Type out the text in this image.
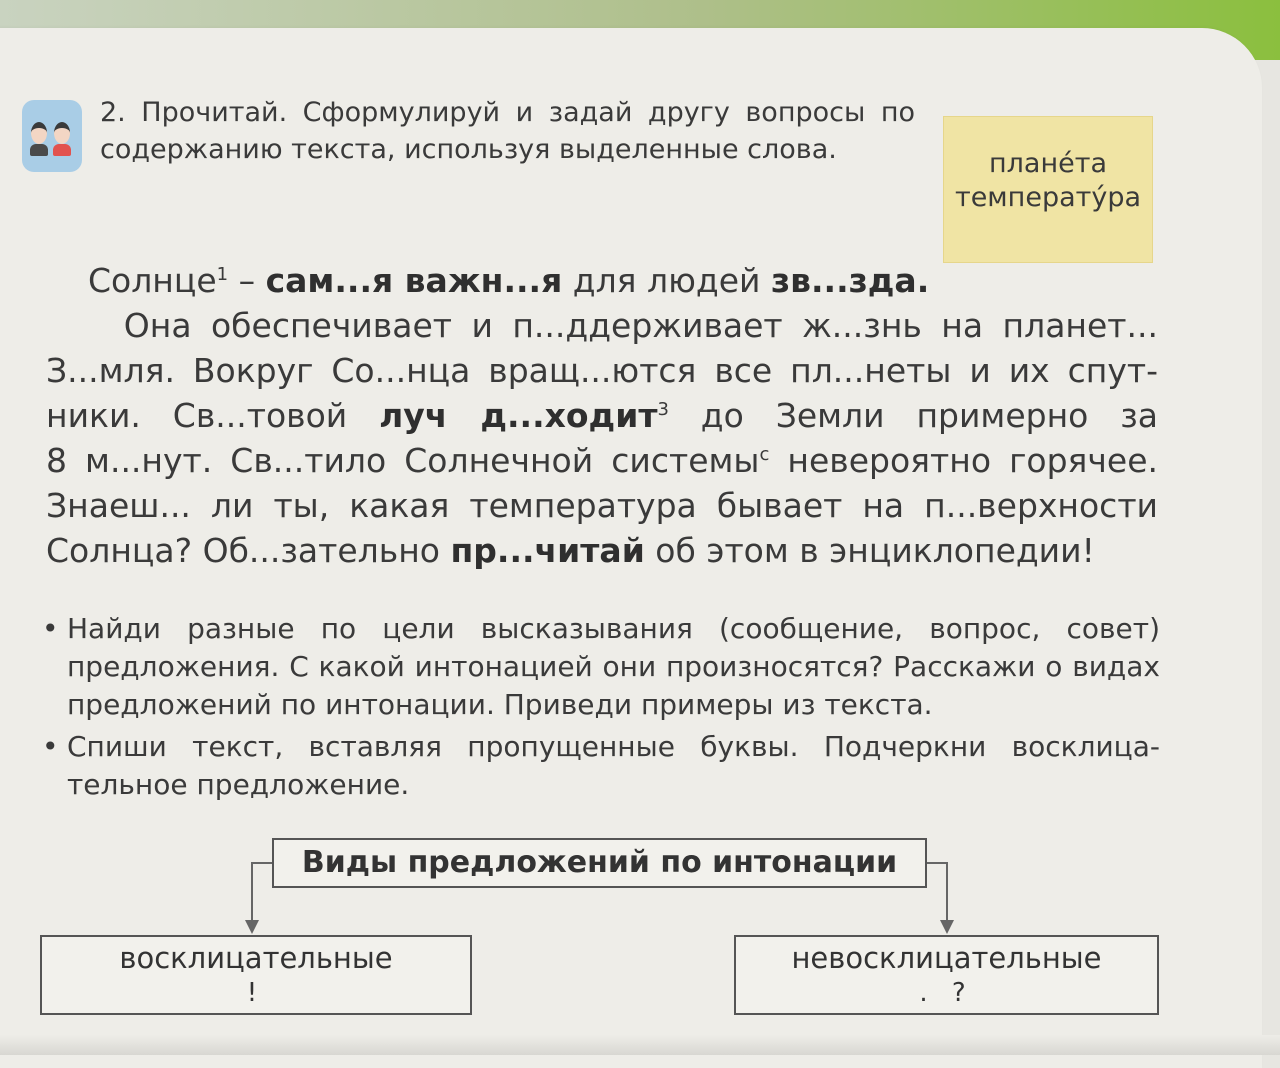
2. Прочитай. Сформулируй и задай другу вопросы по содержанию текста, используя выделенные слова.	плане́та
температу́ра
Солнце$^1$ – сам...я важн...я для людей зв...зда.
Она обеспечивает и п...ддерживает ж...знь на планет...
З...мля. Вокруг Со...нца вращ...ются все пл...неты и их спут-
ники. Св...товой луч д...ходит$^3$ до Земли примерно за
8 м...нут. Св...тило Солнечной системы$^с$ невероятно горячее.
Знаеш... ли ты, какая температура бывает на п...верхности
Солнца? Об...зательно пр...читай об этом в энциклопедии!
• Найди разные по цели высказывания (сообщение, вопрос, совет) предложения. С какой интонацией они произносятся? Расскажи о видах предложений по интонации. Приведи примеры из текста.
• Спиши текст, вставляя пропущенные буквы. Подчеркни восклица-тельное предложение.
Виды предложений по интонации
восклицательные
!
невосклицательные
. ?
